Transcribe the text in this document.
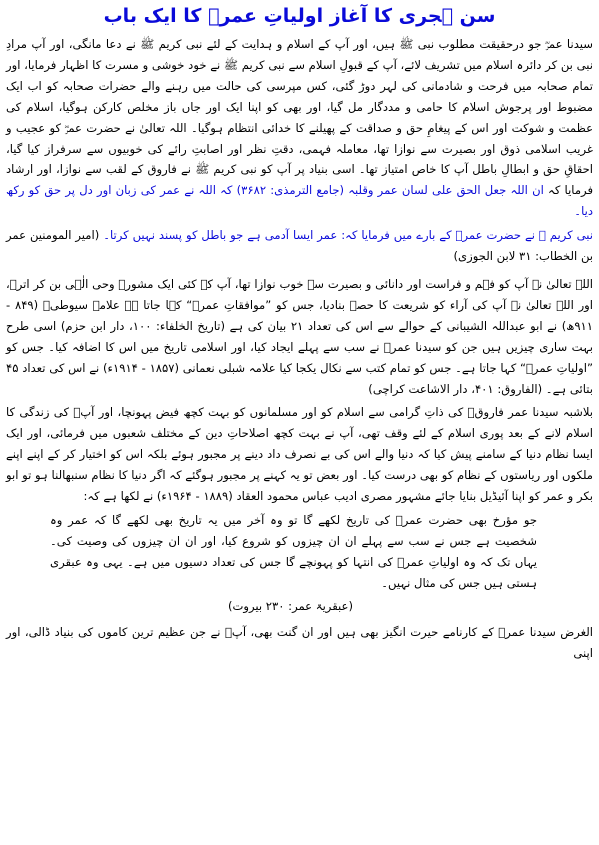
سن ہجری کا آغاز اولیاتِ عمرؓ کا ایک باب

سیدنا عمرؓ جو درحقیقت مطلوب نبی ﷺ ہیں، اور آپ کے اسلام و ہدایت کے لئے نبی کریم ﷺ نے دعا مانگی، اور آپ مرادِ نبی بن کر دائرہ اسلام میں تشریف لائے، آپ کے قبولِ اسلام سے نبی کریم ﷺ نے خود خوشی و مسرت کا اظہار فرمایا، اور تمام صحابہ میں فرحت و شادمانی کی لہر دوڑ گئی، کس مپرسی کی حالت میں رہنے والے حضرات صحابہ کو اب ایک مضبوط اور پرجوش اسلام کا حامی و مددگار مل گیا، اور بھی کو اپنا ایک اور جاں باز مخلص کارکن ہوگیا، اسلام کی عظمت و شوکت اور اس کے پیغامِ حق و صداقت کے پھیلنے کا خدائی انتظام ہوگیا۔ اللہ تعالیٰ نے حضرت عمرؓ کو عجیب و غریب اسلامی ذوق اور بصیرت سے نوازا تھا، معاملہ فہمی، دقتِ نظر اور اصابتِ رائے کی خوبیوں سے سرفراز کیا گیا، احقاقِ حق و ابطالِ باطل آپ کا خاص امتیاز تھا۔ اسی بنیاد پر آپ کو نبی کریم ﷺ نے فاروق کے لقب سے نوازا، اور ارشاد فرمایا کہ ان اللہ جعل الحق علی لسان عمر وقلبہ (جامع الترمذی: ۳۶۸۲) کہ اللہ نے عمر کی زبان اور دل پر حق کو رکھ دیا۔

نبی کریم ﷺ نے حضرت عمرؓ کے بارے میں فرمایا کہ: عمر ایسا آدمی ہے جو باطل کو پسند نہیں کرتا۔ (امیر المومنین عمر بن الخطاب: ۳۱ لابن الجوزی)

اللہ تعالیٰ نے آپ کو فہم و فراست اور دانائی و بصیرت سے خوب نوازا تھا، آپ کے کئی ایک مشورے وحی الٰہی بن کر اترے، اور اللہ تعالیٰ نے آپ کی آراء کو شریعت کا حصہ بنادیا، جس کو ”موافقاتِ عمرؓ“ کہا جاتا ہے علامہ سیوطیؒ (۸۴۹ - ۹۱۱ھ) نے ابو عبداللہ الشیبانی کے حوالے سے اس کی تعداد ۲۱ بیان کی ہے (تاریخ الخلفاء: ۱۰۰، دار ابن حزم) اسی طرح بہت ساری چیزیں ہیں جن کو سیدنا عمرؓ نے سب سے پہلے ایجاد کیا، اور اسلامی تاریخ میں اس کا اضافہ کیا۔ جس کو ”اولیاتِ عمرؓ“ کہا جاتا ہے۔ جس کو تمام کتب سے نکال یکجا کیا علامہ شبلی نعمانی (۱۸۵۷ - ۱۹۱۴ء) نے اس کی تعداد ۴۵ بتائی ہے۔ (الفاروق: ۴۰۱، دار الاشاعت کراچی)

بلاشبہ سیدنا عمر فاروقؓ کی ذاتِ گرامی سے اسلام کو اور مسلمانوں کو بہت کچھ فیض پہونچا، اور آپؓ کی زندگی کا اسلام لانے کے بعد پوری اسلام کے لئے وقف تھی، آپ نے بہت کچھ اصلاحاتِ دین کے مختلف شعبوں میں فرمائی، اور ایک ایسا نظام دنیا کے سامنے پیش کیا کہ دنیا والے اس کی بے نصرف داد دینے پر مجبور ہوئے بلکہ اس کو اختیار کر کے اپنے اپنے ملکوں اور ریاستوں کے نظام کو بھی درست کیا۔ اور بعض تو یہ کہنے پر مجبور ہوگئے کہ اگر دنیا کا نظام سنبھالنا ہو تو ابو بکر و عمر کو اپنا آئیڈیل بنایا جائے مشہور مصری ادیب عباس محمود العقاد (۱۸۸۹ - ۱۹۶۴ء) نے لکھا ہے کہ:

جو مؤرخ بھی حضرت عمرؓ کی تاریخ لکھے گا تو وہ آخر میں یہ تاریخ بھی لکھے گا کہ عمر وہ شخصیت ہے جس نے سب سے پہلے ان ان چیزوں کو شروع کیا، اور ان ان چیزوں کی وصیت کی۔ یہاں تک کہ وہ اولیاتِ عمرؓ کی انتہا کو پہونچے گا جس کی تعداد دسیوں میں ہے۔ یہی وہ عبقری ہستی ہیں جس کی مثال نہیں۔

(عبقریۃ عمر: ۲۳۰ بیروت)

الغرض سیدنا عمرؓ کے کارنامے حیرت انگیز بھی ہیں اور ان گنت بھی، آپؓ نے جن عظیم ترین کاموں کی بنیاد ڈالی، اور اپنی
